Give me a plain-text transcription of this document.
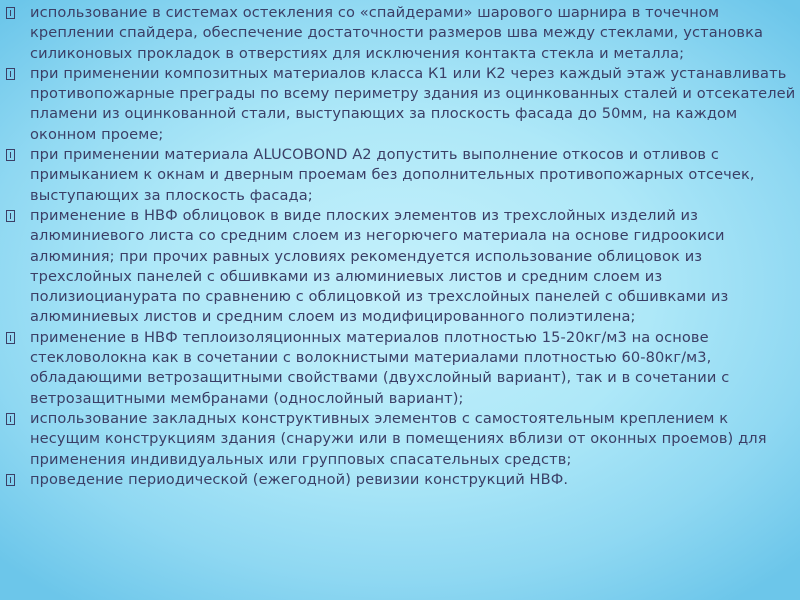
использование в системах остекления со «спайдерами» шарового шарнира в точечном креплении спайдера, обеспечение достаточности размеров шва между стеклами, установка силиконовых прокладок в отверстиях для исключения контакта стекла и металла;
при применении композитных материалов класса К1 или К2 через каждый этаж устанавливать противопожарные преграды по всему периметру здания из оцинкованных сталей и отсекателей пламени из оцинкованной стали, выступающих за плоскость фасада до 50мм, на каждом оконном проеме;
при применении материала ALUCOBOND A2 допустить выполнение откосов и отливов с примыканием к окнам и дверным проемам без дополнительных противопожарных отсечек, выступающих за плоскость фасада;
применение в НВФ облицовок в виде плоских элементов из трехслойных изделий из алюминиевого листа со средним слоем из негорючего материала на основе гидроокиси алюминия; при прочих равных условиях рекомендуется использование облицовок из трехслойных панелей с обшивками из алюминиевых листов и средним слоем из полизиоцианурата по сравнению с облицовкой из трехслойных панелей с обшивками из алюминиевых листов и средним слоем из модифицированного полиэтилена;
применение в НВФ теплоизоляционных материалов плотностью 15-20кг/м3 на основе стекловолокна как в сочетании с волокнистыми материалами плотностью 60-80кг/м3, обладающими ветрозащитными свойствами (двухслойный вариант), так и в сочетании с ветрозащитными мембранами (однослойный вариант);
использование закладных конструктивных элементов с самостоятельным креплением к несущим конструкциям здания (снаружи или в помещениях вблизи от оконных проемов) для применения индивидуальных или групповых спасательных средств;
проведение периодической (ежегодной) ревизии конструкций НВФ.
